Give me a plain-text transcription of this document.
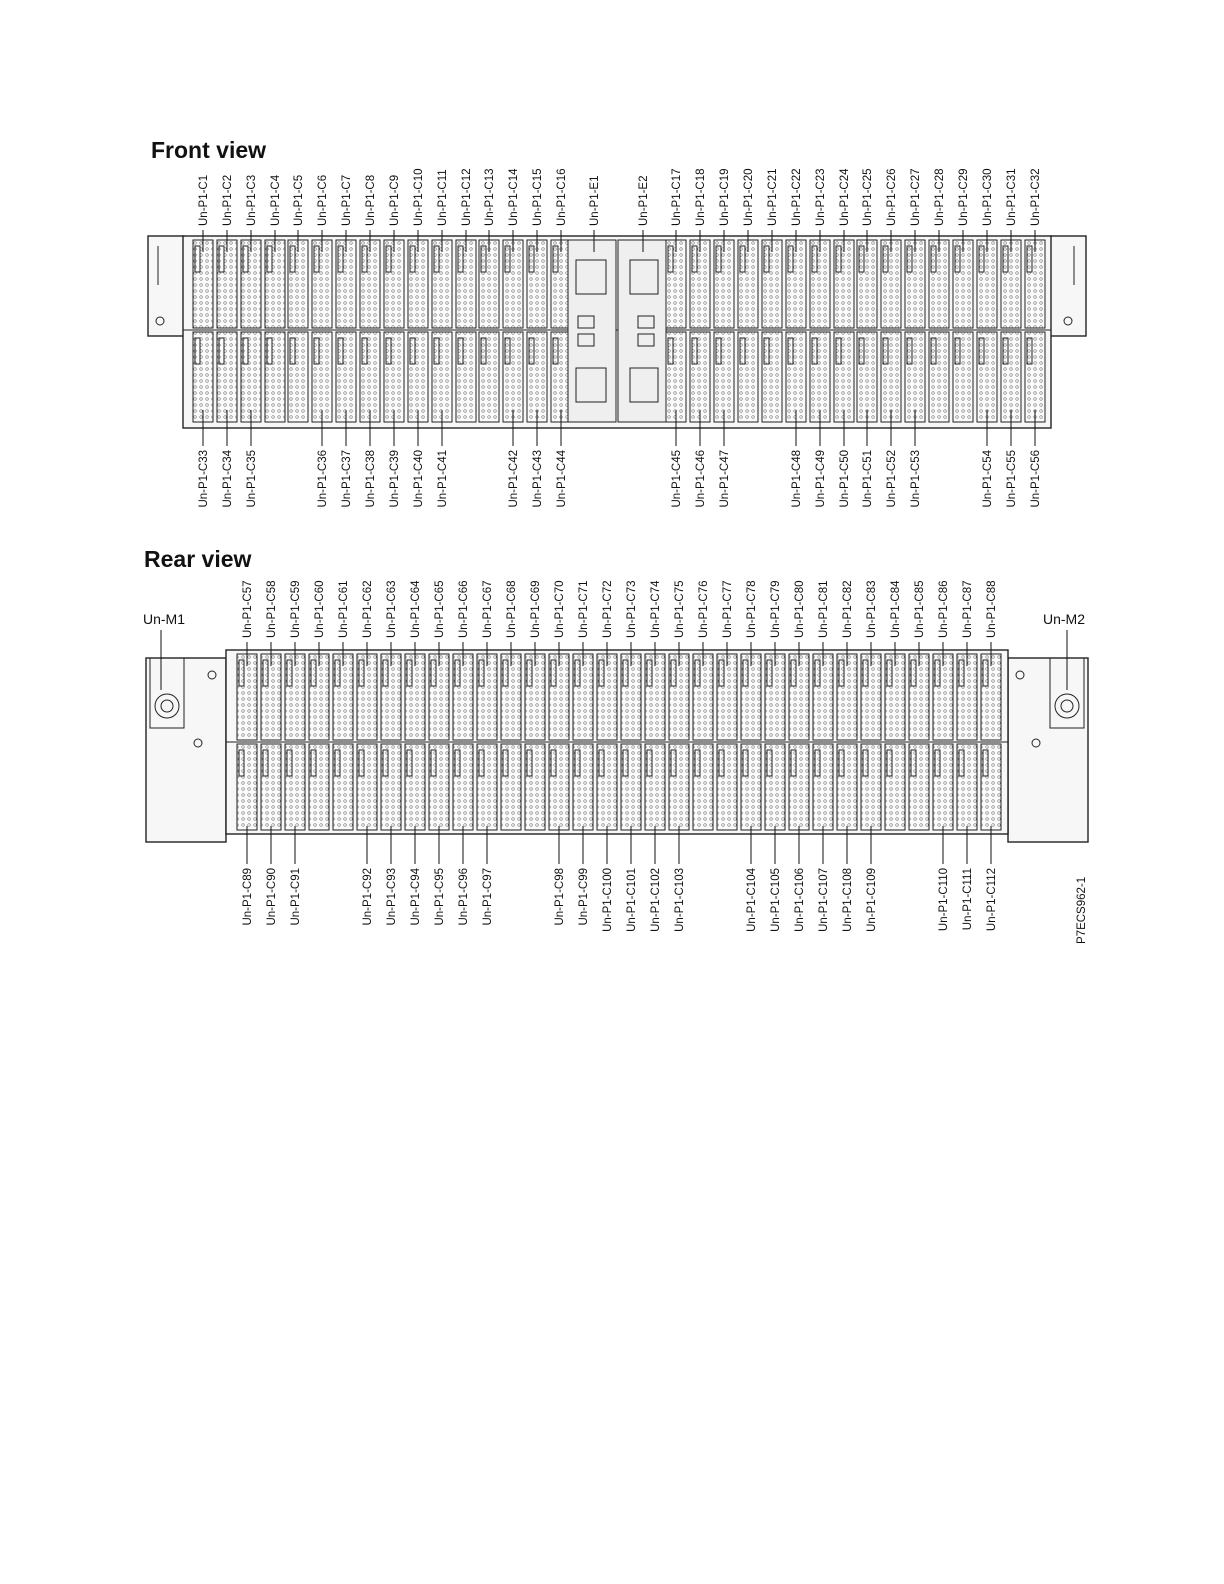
Front view
Rear view
Un-P1-C1 Un-P1-C2 Un-P1-C3 Un-P1-C4 Un-P1-C5 Un-P1-C6 Un-P1-C7 Un-P1-C8 Un-P1-C9 Un-P1-C10 Un-P1-C11 Un-P1-C12 Un-P1-C13 Un-P1-C14 Un-P1-C15 Un-P1-C16 Un-P1-E1	Un-P1-E2 Un-P1-C17 Un-P1-C18 Un-P1-C19 Un-P1-C20 Un-P1-C21 Un-P1-C22 Un-P1-C23 Un-P1-C24 Un-P1-C25 Un-P1-C26 Un-P1-C27 Un-P1-C28 Un-P1-C29 Un-P1-C30 Un-P1-C31 Un-P1-C32
Un-P1-C33 Un-P1-C34 Un-P1-C35	Un-P1-C36 Un-P1-C37 Un-P1-C38 Un-P1-C39 Un-P1-C40 Un-P1-C41	Un-P1-C42 Un-P1-C43 Un-P1-C44	Un-P1-C45 Un-P1-C46 Un-P1-C47	Un-P1-C48 Un-P1-C49 Un-P1-C50 Un-P1-C51 Un-P1-C52 Un-P1-C53	Un-P1-C54 Un-P1-C55 Un-P1-C56
Un-P1-C57 Un-P1-C58 Un-P1-C59 Un-P1-C60 Un-P1-C61 Un-P1-C62 Un-P1-C63 Un-P1-C64 Un-P1-C65 Un-P1-C66 Un-P1-C67 Un-P1-C68 Un-P1-C69 Un-P1-C70 Un-P1-C71 Un-P1-C72 Un-P1-C73 Un-P1-C74 Un-P1-C75 Un-P1-C76 Un-P1-C77 Un-P1-C78 Un-P1-C79 Un-P1-C80 Un-P1-C81 Un-P1-C82 Un-P1-C83 Un-P1-C84 Un-P1-C85 Un-P1-C86 Un-P1-C87 Un-P1-C88
Un-P1-C89 Un-P1-C90 Un-P1-C91	Un-P1-C92 Un-P1-C93 Un-P1-C94 Un-P1-C95 Un-P1-C96 Un-P1-C97	Un-P1-C98 Un-P1-C99 Un-P1-C100 Un-P1-C101 Un-P1-C102 Un-P1-C103	Un-P1-C104 Un-P1-C105 Un-P1-C106 Un-P1-C107 Un-P1-C108 Un-P1-C109	Un-P1-C110 Un-P1-C111 Un-P1-C112
Un-M1	Un-M2
P7ECS962-1
